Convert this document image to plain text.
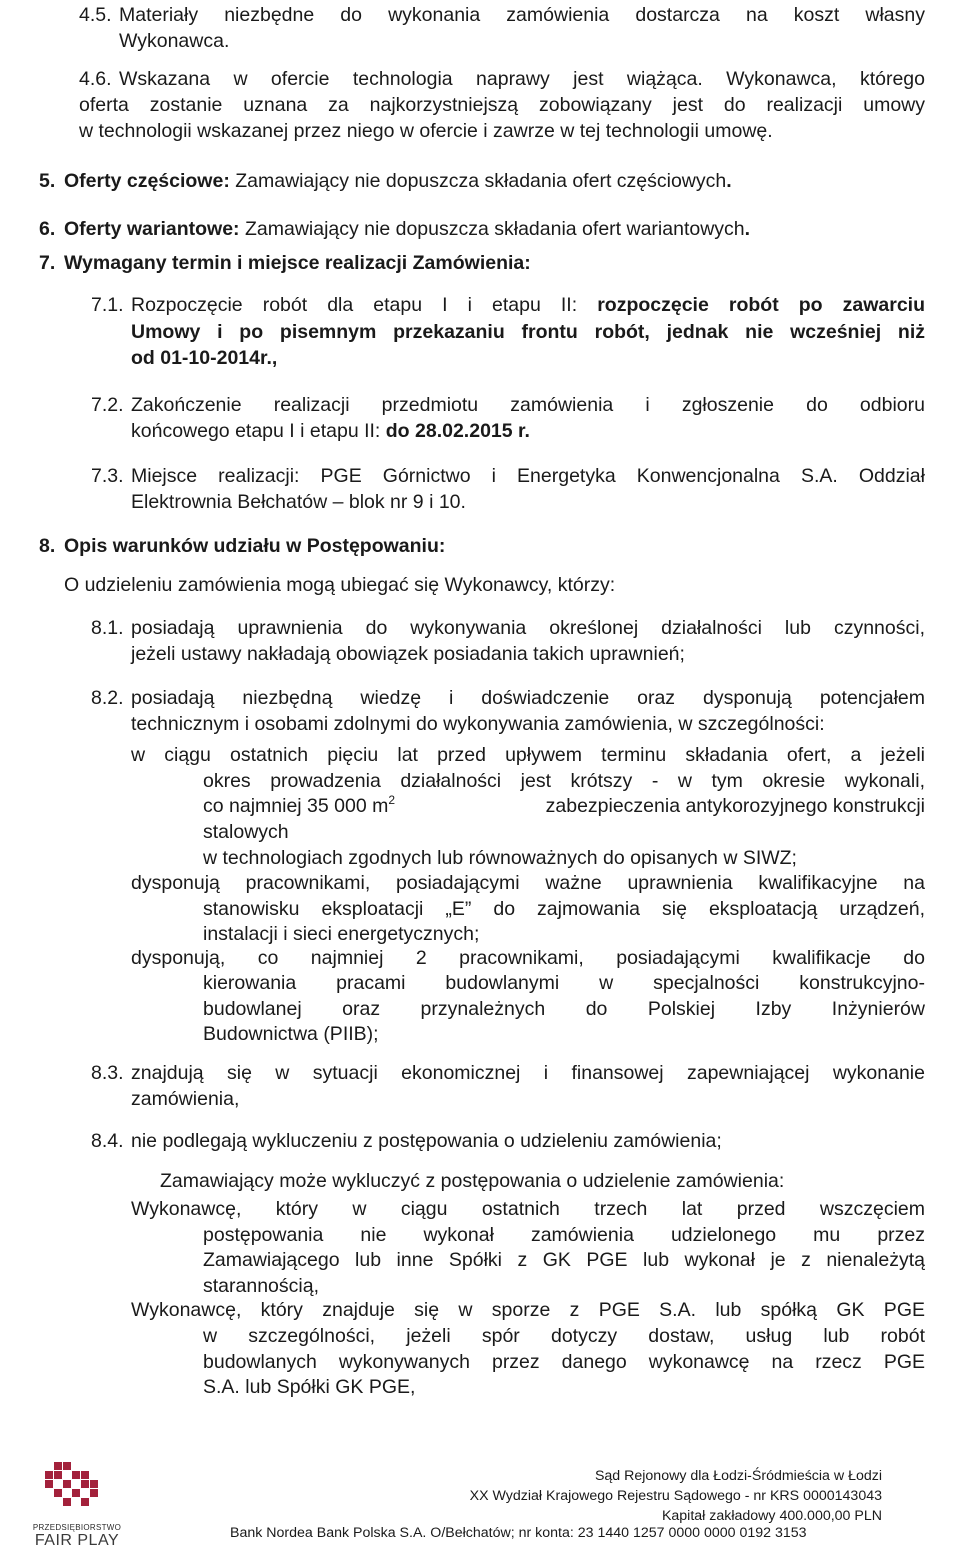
4.5. Materiały niezbędne do wykonania zamówienia dostarcza na koszt własny
Wykonawca.
4.6. Wskazana w ofercie technologia naprawy jest wiążąca. Wykonawca, którego
oferta zostanie uznana za najkorzystniejszą zobowiązany jest do realizacji umowy
w technologii wskazanej przez niego w ofercie i zawrze w tej technologii umowę.
5. Oferty częściowe: Zamawiający nie dopuszcza składania ofert częściowych.
6. Oferty wariantowe: Zamawiający nie dopuszcza składania ofert wariantowych.
7. Wymagany termin i miejsce realizacji Zamówienia:
7.1. Rozpoczęcie robót dla etapu I i etapu II: rozpoczęcie robót po zawarciu
Umowy i po pisemnym przekazaniu frontu robót, jednak nie wcześniej niż
od 01-10-2014r.,
7.2. Zakończenie realizacji przedmiotu zamówienia i zgłoszenie do odbioru
końcowego etapu I i etapu II: do 28.02.2015 r.
7.3. Miejsce realizacji: PGE Górnictwo i Energetyka Konwencjonalna S.A. Oddział
Elektrownia Bełchatów – blok nr 9 i 10.
8. Opis warunków udziału w Postępowaniu:
O udzieleniu zamówienia mogą ubiegać się Wykonawcy, którzy:
8.1. posiadają uprawnienia do wykonywania określonej działalności lub czynności,
jeżeli ustawy nakładają obowiązek posiadania takich uprawnień;
8.2. posiadają niezbędną wiedzę i doświadczenie oraz dysponują potencjałem
technicznym i osobami zdolnymi do wykonywania zamówienia, w szczególności:
w ciągu ostatnich pięciu lat przed upływem terminu składania ofert, a jeżeli
okres prowadzenia działalności jest krótszy - w tym okresie wykonali,
co najmniej 35 000 $m^2$	zabezpieczenia antykorozyjnego konstrukcji
stalowych
w technologiach zgodnych lub równoważnych do opisanych w SIWZ;
dysponują pracownikami, posiadającymi ważne uprawnienia kwalifikacyjne na
stanowisku eksploatacji „E” do zajmowania się eksploatacją urządzeń,
instalacji i sieci energetycznych;
dysponują, co najmniej 2 pracownikami, posiadającymi kwalifikacje do
kierowania pracami budowlanymi w specjalności konstrukcyjno-
budowlanej oraz przynależnych do Polskiej Izby Inżynierów
Budownictwa (PIIB);
8.3. znajdują się w sytuacji ekonomicznej i finansowej zapewniającej wykonanie
zamówienia,
8.4. nie podlegają wykluczeniu z postępowania o udzieleniu zamówienia;
Zamawiający może wykluczyć z postępowania o udzielenie zamówienia:
Wykonawcę, który w ciągu ostatnich trzech lat przed wszczęciem
postępowania nie wykonał zamówienia udzielonego mu przez
Zamawiającego lub inne Spółki z GK PGE lub wykonał je z nienależytą
starannością,
Wykonawcę, który znajduje się w sporze z PGE S.A. lub spółką GK PGE
w szczególności, jeżeli spór dotyczy dostaw, usług lub robót
budowlanych wykonywanych przez danego wykonawcę na rzecz PGE
S.A. lub Spółki GK PGE,
PRZEDSIĘBIORSTWO
FAIR PLAY
Sąd Rejonowy dla Łodzi-Śródmieścia w Łodzi
XX Wydział Krajowego Rejestru Sądowego - nr KRS 0000143043
Kapitał zakładowy 400.000,00 PLN
Bank Nordea Bank Polska S.A. O/Bełchatów; nr konta: 23 1440 1257 0000 0000 0192 3153
